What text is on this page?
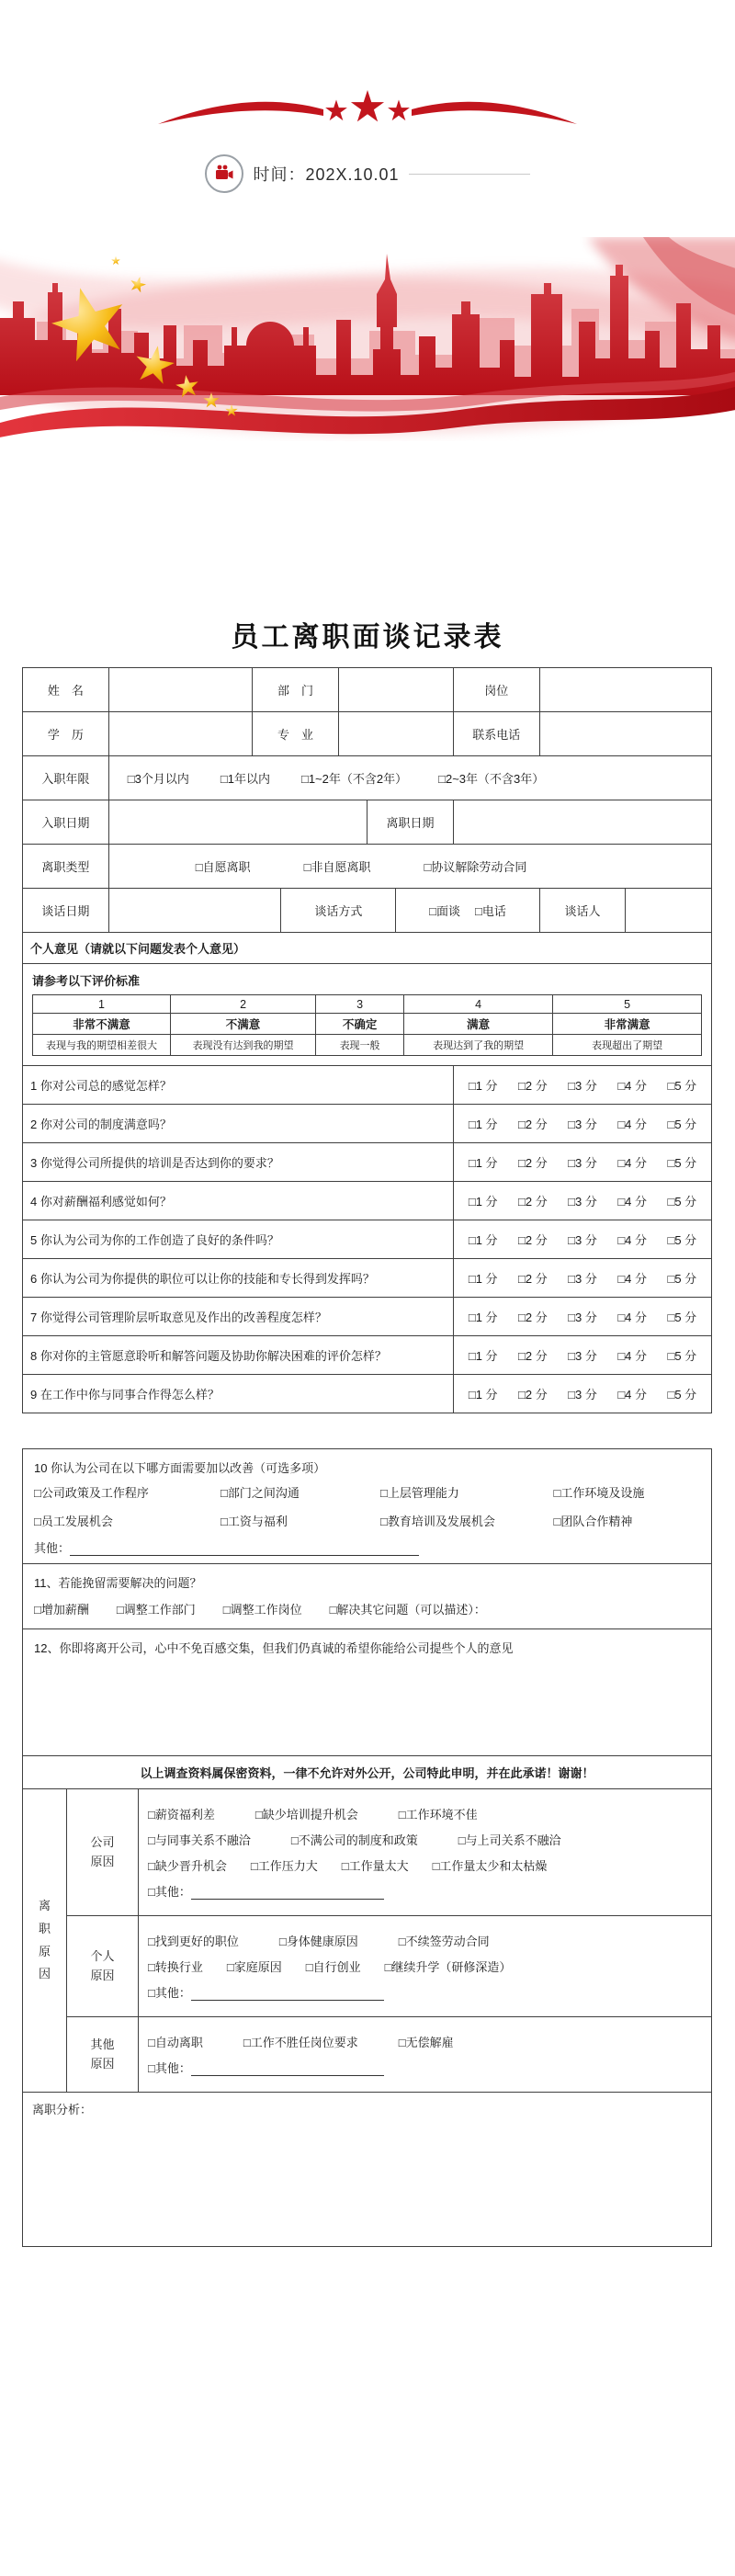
时间：202X.10.01
员工离职面谈记录表
姓　名		部　门		岗位	
学　历		专　业		联系电话	
入职年限	□3个月以内	□1年以内	□1~2年（不含2年）	□2~3年（不含3年）

入职日期		离职日期	
离职类型	□自愿离职	□非自愿离职	□协议解除劳动合同

谈话日期		谈话方式	□面谈 □电话	谈话人	
个人意见（请就以下问题发表个人意见）

请参考以下评价标准
1	2	3	4	5
非常不满意	不满意	不确定	满意	非常满意
表现与我的期望相差很大	表现没有达到我的期望	表现一般	表现达到了我的期望	表现超出了期望

1 你对公司总的感觉怎样？	□1 分 □2 分 □3 分 □4 分 □5 分

2 你对公司的制度满意吗？	□1 分 □2 分 □3 分 □4 分 □5 分

3 你觉得公司所提供的培训是否达到你的要求？	□1 分 □2 分 □3 分 □4 分 □5 分

4 你对薪酬福利感觉如何？	□1 分 □2 分 □3 分 □4 分 □5 分

5 你认为公司为你的工作创造了良好的条件吗？	□1 分 □2 分 □3 分 □4 分 □5 分

6 你认为公司为你提供的职位可以让你的技能和专长得到发挥吗？	□1 分 □2 分 □3 分 □4 分 □5 分

7 你觉得公司管理阶层听取意见及作出的改善程度怎样？	□1 分 □2 分 □3 分 □4 分 □5 分

8 你对你的主管愿意聆听和解答问题及协助你解决困难的评价怎样？	□1 分 □2 分 □3 分 □4 分 □5 分

9 在工作中你与同事合作得怎么样？	□1 分 □2 分 □3 分 □4 分 □5 分
10 你认为公司在以下哪方面需要加以改善（可选多项）
□公司政策及工作程序	□部门之间沟通	□上层管理能力	□工作环境及设施
□员工发展机会	□工资与福利	□教育培训及发展机会	□团队合作精神
其他：

11、若能挽留需要解决的问题？
□增加薪酬 □调整工作部门 □调整工作岗位 □解决其它问题（可以描述）：		

12、你即将离开公司，心中不免百感交集，但我们仍真诚的希望你能给公司提些个人的意见		

以上调查资料属保密资料，一律不允许对外公开，公司特此申明，并在此承诺！谢谢！		
离职原因	公司原因	
□薪资福利差	□缺少培训提升机会	□工作环境不佳
□与同事关系不融洽	□不满公司的制度和政策	□与上司关系不融洽
□缺少晋升机会 □工作压力大 □工作量太大 □工作量太少和太枯燥
□其他：

个人原因	
□找到更好的职位	□身体健康原因	□不续签劳动合同
□转换行业 □家庭原因 □自行创业 □继续升学（研修深造）
□其他：

	其他原因	□自动离职 □工作不胜任岗位要求 □无偿解雇
□其他：

离职分析：		
